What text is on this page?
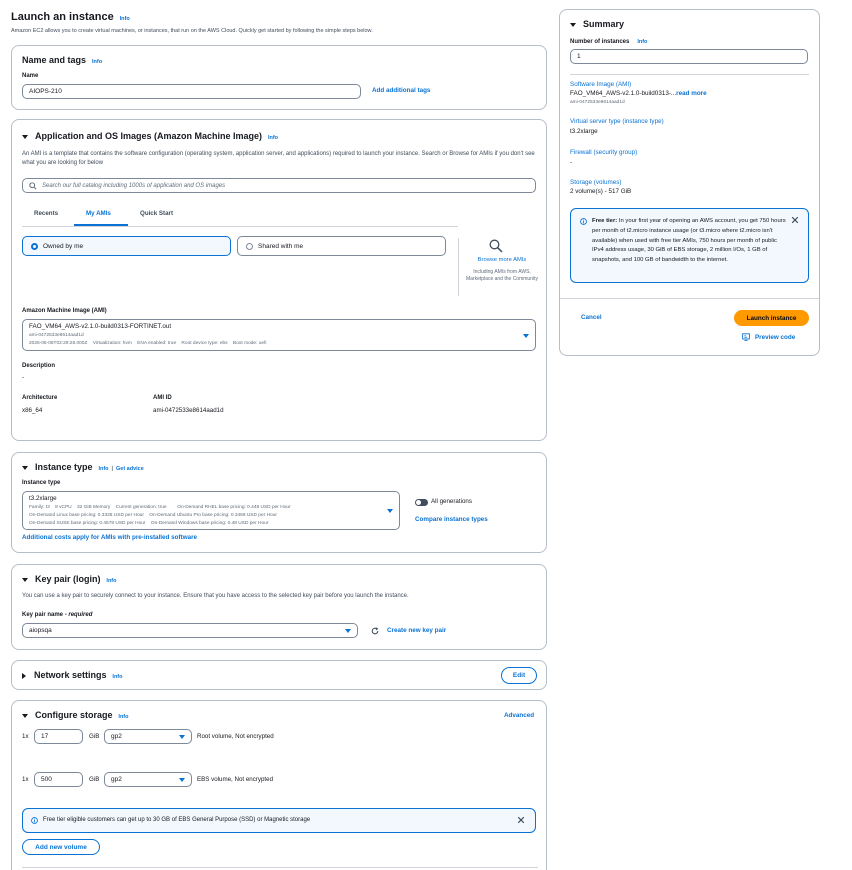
Launch an instance Info
Amazon EC2 allows you to create virtual machines, or instances, that run on the AWS Cloud. Quickly get started by following the simple steps below.
Name and tags Info
Name
AIOPS-210	Add additional tags
Application and OS Images (Amazon Machine Image) Info
An AMI is a template that contains the software configuration (operating system, application server, and applications) required to launch your instance. Search or Browse for AMIs if you don't see what you are looking for below
Search our full catalog including 1000s of application and OS images
Recents	My AMIs	Quick Start
Owned by me	Shared with me
Browse more AMIs
Including AMIs from AWS, Marketplace and the Community
Amazon Machine Image (AMI)
FAO_VM64_AWS-v2.1.0-build0313-FORTINET.out
ami-0472533e8614aad1d
2025-05-06T02:29:28.000Z    Virtualization: hvm    ENA enabled: true    Root device type: ebs    Boot mode: uefi
Description
-
Architecture
x86_64
AMI ID
ami-0472533e8614aad1d
Instance type Info | Get advice
Instance type
t3.2xlarge
Family: t3    8 vCPU    32 GiB Memory    Current generation: true        On-Demand RHEL base pricing: 0.448 USD per Hour
On-Demand Linux base pricing: 0.3328 USD per Hour    On-Demand Ubuntu Pro base pricing: 0.3468 USD per Hour
On-Demand SUSE base pricing: 0.4578 USD per Hour    On-Demand Windows base pricing: 0.48 USD per Hour
All generations
Compare instance types
Additional costs apply for AMIs with pre-installed software
Key pair (login) Info
You can use a key pair to securely connect to your instance. Ensure that you have access to the selected key pair before you launch the instance.
Key pair name - required
aiopsqa	Create new key pair
Network settings Info	Edit
Configure storage Info	Advanced
1x	17	GiB gp2	Root volume, Not encrypted
1x	500	GiB gp2	EBS volume, Not encrypted
Free tier eligible customers can get up to 30 GB of EBS General Purpose (SSD) or Magnetic storage
Add new volume
Summary
Number of instances Info
1
Software Image (AMI)
FAO_VM64_AWS-v2.1.0-build0313-...read more
ami-0472533e8614aad1d
Virtual server type (instance type)
t3.2xlarge
Firewall (security group)
-
Storage (volumes)
2 volume(s) - 517 GiB
Free tier: In your first year of opening an AWS account, you get 750 hours per month of t2.micro instance usage (or t3.micro where t2.micro isn't available) when used with free tier AMIs, 750 hours per month of public IPv4 address usage, 30 GiB of EBS storage, 2 million I/Os, 1 GB of snapshots, and 100 GB of bandwidth to the internet.
Cancel	Launch instance
Preview code
